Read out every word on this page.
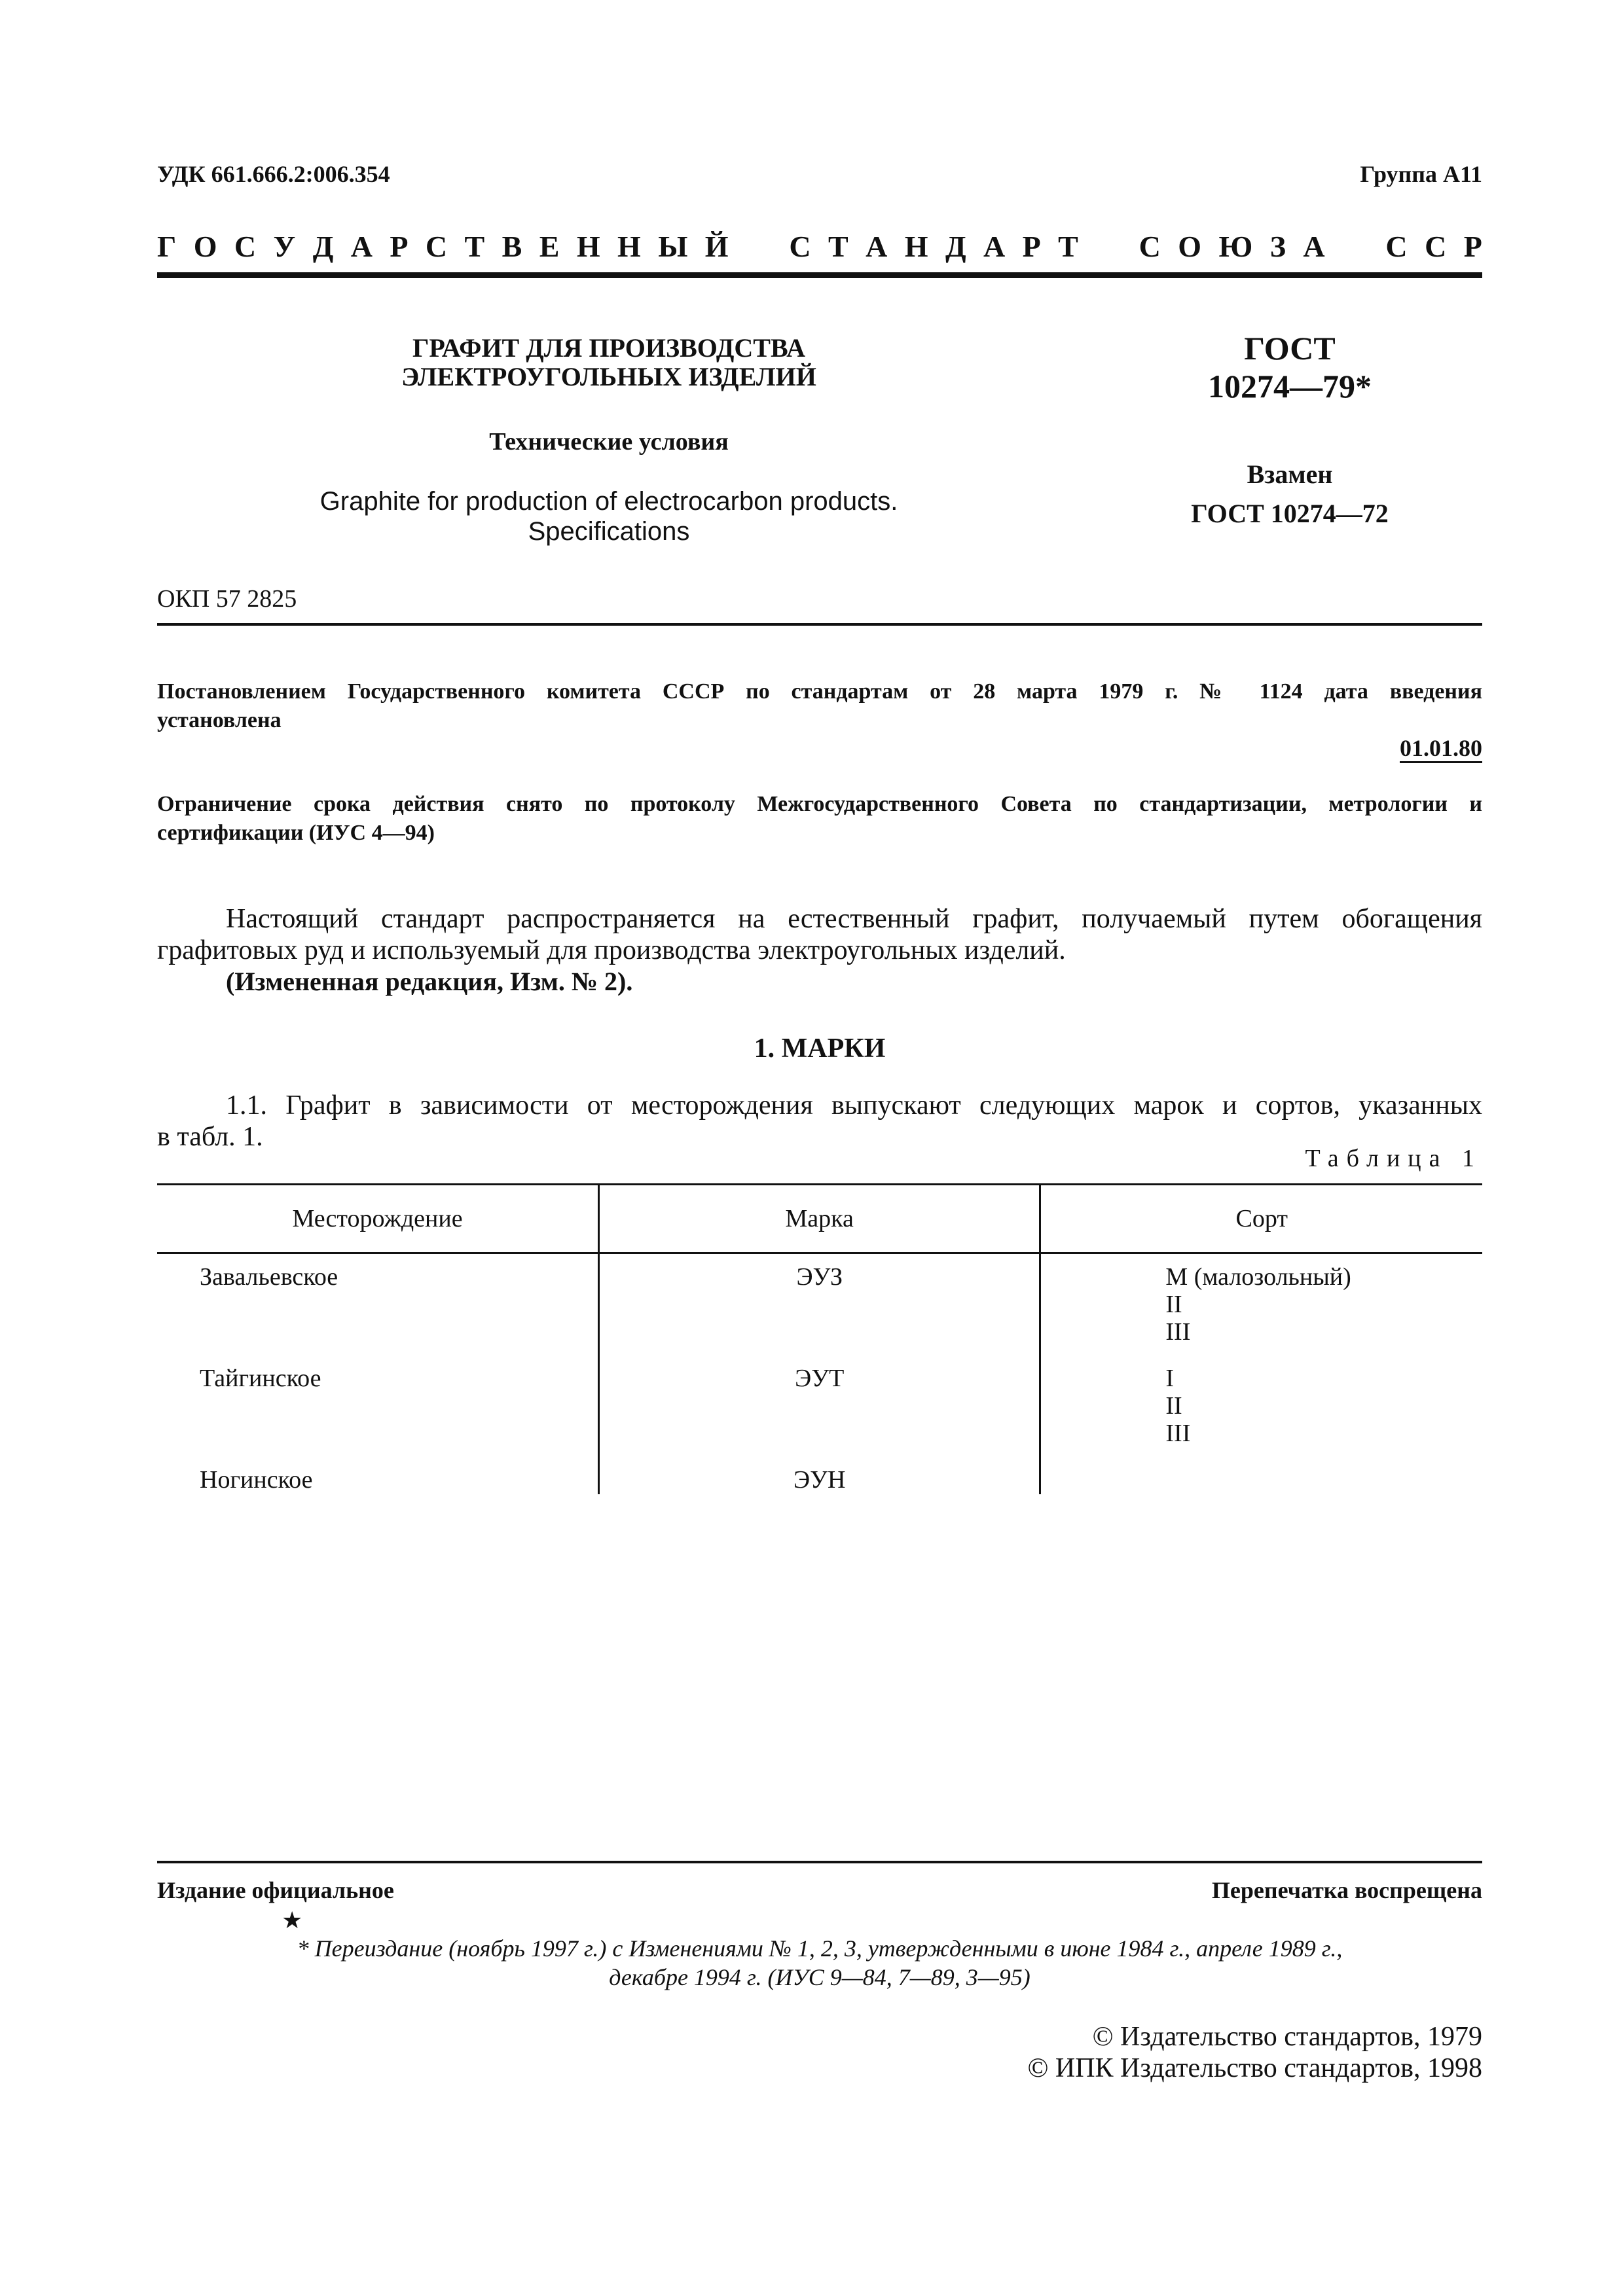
УДК 661.666.2:006.354	Группа А11
Г О С У Д А Р С Т В Е Н Н Ы Й С Т А Н Д А Р Т С О Ю З А С С Р
ГРАФИТ ДЛЯ ПРОИЗВОДСТВА
ЭЛЕКТРОУГОЛЬНЫХ ИЗДЕЛИЙ
Технические условия
Graphite for production of electrocarbon products.
Specifications
ГОСТ
10274—79*
Взамен
ГОСТ 10274—72
ОКП 57 2825
Постановлением Государственного комитета СССР по стандартам от 28 марта 1979 г. № 1124 дата введения
установлена
01.01.80
Ограничение срока действия снято по протоколу Межгосударственного Совета по стандартизации, метрологии и
сертификации (ИУС 4—94)
Настоящий стандарт распространяется на естественный графит, получаемый путем обогащения
графитовых руд и используемый для производства электроугольных изделий.
(Измененная редакция, Изм. № 2).
1. МАРКИ
1.1. Графит в зависимости от месторождения выпускают следующих марок и сортов, указанных
в табл. 1.
Таблица 1
Месторождение	Марка	Сорт
Завальевское	ЭУЗ	М (малозольный)
II
III

Тайгинское	ЭУТ	I
II
III

Ногинское	ЭУН	
Издание официальное	Перепечатка воспрещена
★
* Переиздание (ноябрь 1997 г.) с Изменениями № 1, 2, 3, утвержденными в июне 1984 г., апреле 1989 г.,
декабре 1994 г. (ИУС 9—84, 7—89, 3—95)
© Издательство стандартов, 1979
© ИПК Издательство стандартов, 1998
